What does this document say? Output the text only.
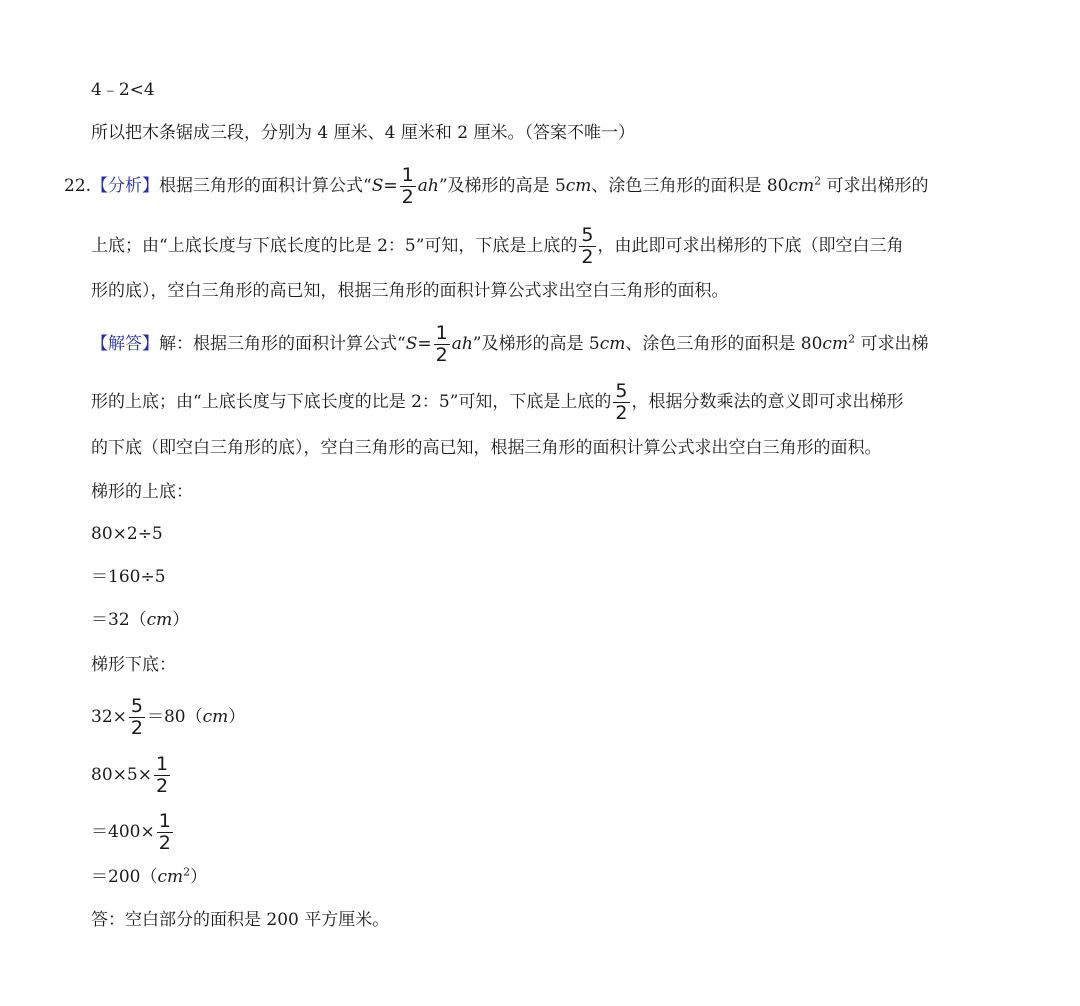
4﹣2<4
所以把木条锯成三段，分别为 4 厘米、4 厘米和 2 厘米。（答案不唯一）
22.【分析】根据三角形的面积计算公式“$S= \frac{1}{2}$ ah”及梯形的高是 5cm、涂色三角形的面积是 $80cm^2$ 可求出梯形的
上底；由“上底长度与下底长度的比是 2：5”可知，下底是上底的 $\frac{5}{2}$ ，由此即可求出梯形的下底（即空白三角
形的底），空白三角形的高已知，根据三角形的面积计算公式求出空白三角形的面积。
【解答】解：根据三角形的面积计算公式“$S= \frac{1}{2}$ ah”及梯形的高是 5cm、涂色三角形的面积是 $80cm^2$ 可求出梯
形的上底；由“上底长度与下底长度的比是 2：5”可知，下底是上底的 $\frac{5}{2}$ ，根据分数乘法的意义即可求出梯形
的下底（即空白三角形的底），空白三角形的高已知，根据三角形的面积计算公式求出空白三角形的面积。
梯形的上底：
80×2÷5
＝160÷5
＝32（cm）
梯形下底：
$32\times \frac{5}{2} =80(cm)$
$80\times 5\times \frac{1}{2}$
$=400\times \frac{1}{2}$
$=200(cm^2)$
答：空白部分的面积是 200 平方厘米。
